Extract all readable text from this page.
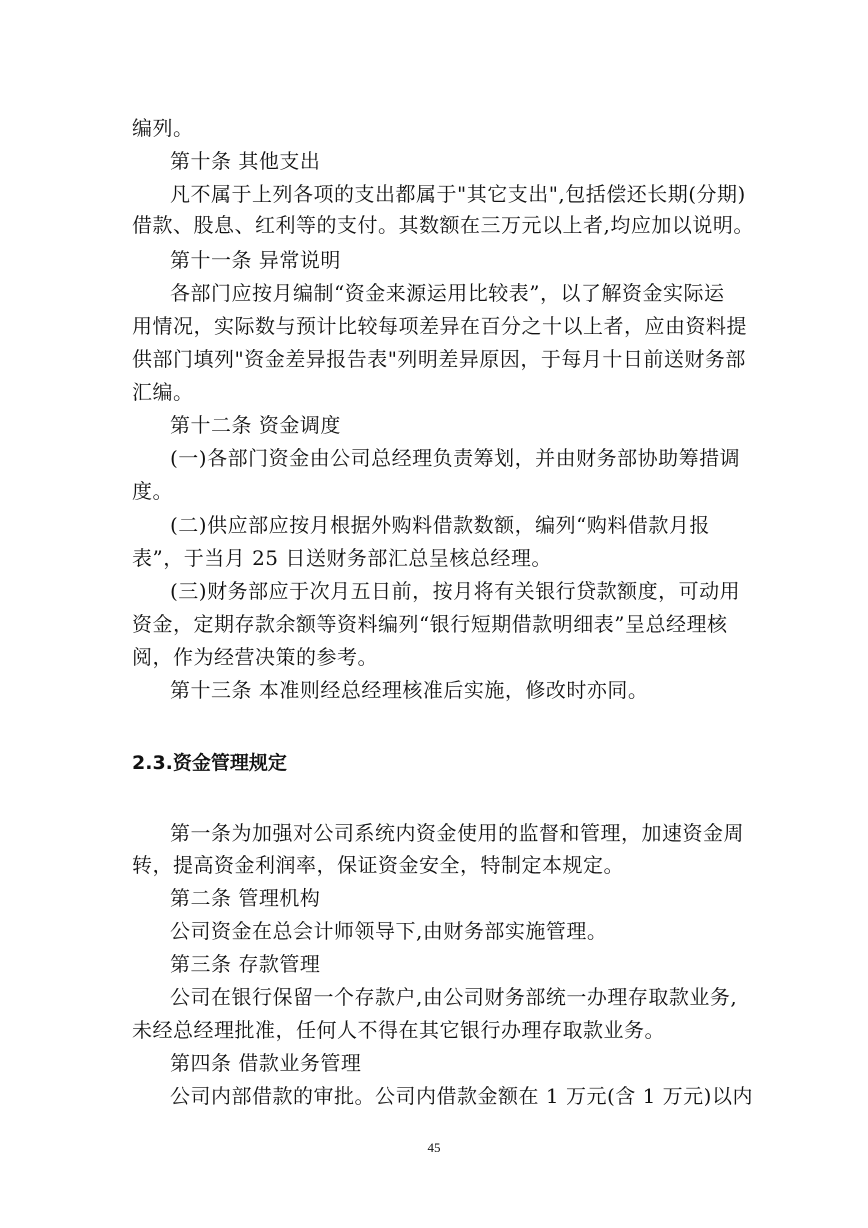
编列。
第十条 其他支出
凡不属于上列各项的支出都属于"其它支出",包括偿还长期(分期)
借款、股息、红利等的支付。其数额在三万元以上者,均应加以说明。
第十一条 异常说明
各部门应按月编制“资金来源运用比较表”，以了解资金实际运
用情况，实际数与预计比较每项差异在百分之十以上者，应由资料提
供部门填列"资金差异报告表"列明差异原因，于每月十日前送财务部
汇编。
第十二条 资金调度
(一)各部门资金由公司总经理负责筹划，并由财务部协助筹措调
度。
(二)供应部应按月根据外购料借款数额，编列“购料借款月报
表”，于当月 25 日送财务部汇总呈核总经理。
(三)财务部应于次月五日前，按月将有关银行贷款额度，可动用
资金，定期存款余额等资料编列“银行短期借款明细表”呈总经理核
阅，作为经营决策的参考。
第十三条 本准则经总经理核准后实施，修改时亦同。
2.3.资金管理规定
第一条为加强对公司系统内资金使用的监督和管理，加速资金周
转，提高资金利润率，保证资金安全，特制定本规定。
第二条 管理机构
公司资金在总会计师领导下,由财务部实施管理。
第三条 存款管理
公司在银行保留一个存款户,由公司财务部统一办理存取款业务,
未经总经理批准，任何人不得在其它银行办理存取款业务。
第四条 借款业务管理
公司内部借款的审批。公司内借款金额在 1 万元(含 1 万元)以内
45
